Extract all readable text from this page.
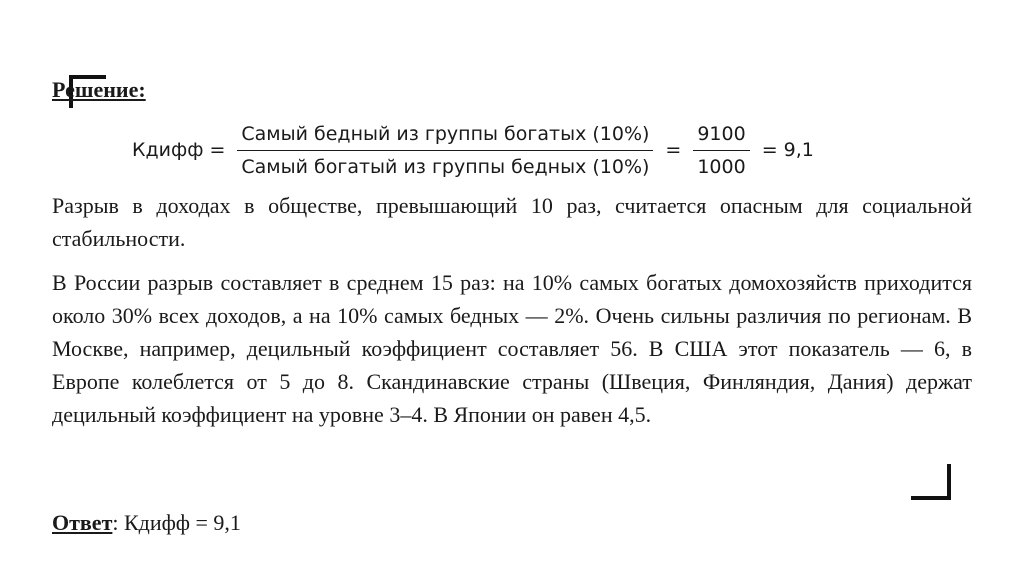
Решение:
Кдифф = $\frac{\text{Самый бедный из группы богатых (10\%)}}{\text{Самый богатый из группы бедных (10\%)}} = \frac{9100}{1000} = 9,1$

Разрыв в доходах в обществе, превышающий 10 раз, считается опасным для социальной стабильности.

В России разрыв составляет в среднем 15 раз: на 10% самых богатых домохозяйств приходится около 30% всех доходов, а на 10% самых бедных — 2%. Очень сильны различия по регионам. В Москве, например, децильный коэффициент составляет 56. В США этот показатель — 6, в Европе колеблется от 5 до 8. Скандинавские страны (Швеция, Финляндия, Дания) держат децильный коэффициент на уровне 3–4. В Японии он равен 4,5.

Ответ: Кдифф = 9,1
